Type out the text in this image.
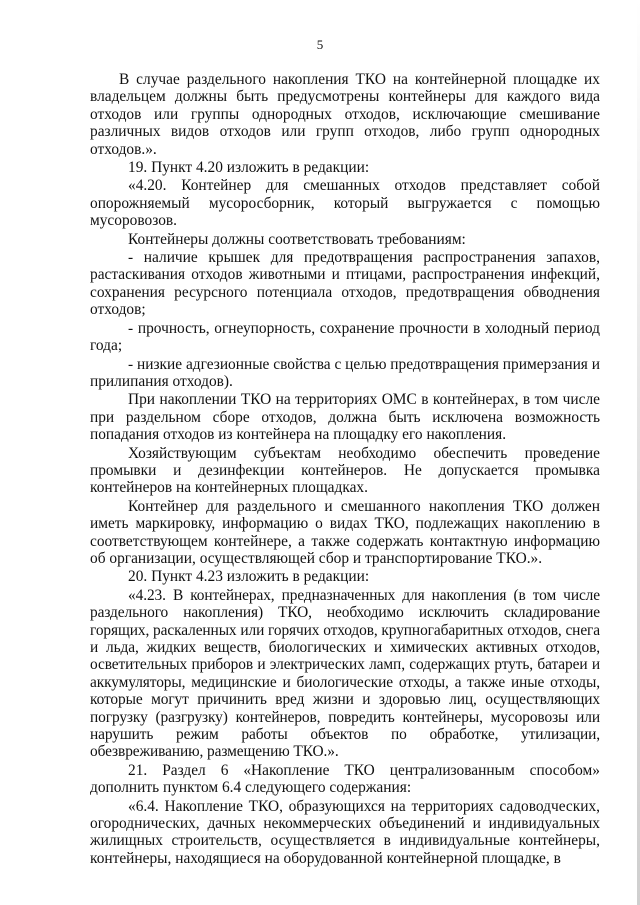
5

В случае раздельного накопления ТКО на контейнерной площадке их владельцем должны быть предусмотрены контейнеры для каждого вида отходов или группы однородных отходов, исключающие смешивание различных видов отходов или групп отходов, либо групп однородных отходов.».

19. Пункт 4.20 изложить в редакции:

«4.20. Контейнер для смешанных отходов представляет собой опорожняемый мусоросборник, который выгружается с помощью мусоровозов.

Контейнеры должны соответствовать требованиям:

- наличие крышек для предотвращения распространения запахов, растаскивания отходов животными и птицами, распространения инфекций, сохранения ресурсного потенциала отходов, предотвращения обводнения отходов;

- прочность, огнеупорность, сохранение прочности в холодный период года;

- низкие адгезионные свойства с целью предотвращения примерзания и прилипания отходов).

При накоплении ТКО на территориях ОМС в контейнерах, в том числе при раздельном сборе отходов, должна быть исключена возможность попадания отходов из контейнера на площадку его накопления.

Хозяйствующим субъектам необходимо обеспечить проведение промывки и дезинфекции контейнеров. Не допускается промывка контейнеров на контейнерных площадках.

Контейнер для раздельного и смешанного накопления ТКО должен иметь маркировку, информацию о видах ТКО, подлежащих накоплению в соответствующем контейнере, а также содержать контактную информацию об организации, осуществляющей сбор и транспортирование ТКО.».

20. Пункт 4.23 изложить в редакции:

«4.23. В контейнерах, предназначенных для накопления (в том числе раздельного накопления) ТКО, необходимо исключить складирование горящих, раскаленных или горячих отходов, крупногабаритных отходов, снега и льда, жидких веществ, биологических и химических активных отходов, осветительных приборов и электрических ламп, содержащих ртуть, батареи и аккумуляторы, медицинские и биологические отходы, а также иные отходы, которые могут причинить вред жизни и здоровью лиц, осуществляющих погрузку (разгрузку) контейнеров, повредить контейнеры, мусоровозы или нарушить режим работы объектов по обработке, утилизации, обезвреживанию, размещению ТКО.».

21. Раздел 6 «Накопление ТКО централизованным способом» дополнить пунктом 6.4 следующего содержания:

«6.4. Накопление ТКО, образующихся на территориях садоводческих, огороднических, дачных некоммерческих объединений и индивидуальных жилищных строительств, осуществляется в индивидуальные контейнеры, контейнеры, находящиеся на оборудованной контейнерной площадке, в
